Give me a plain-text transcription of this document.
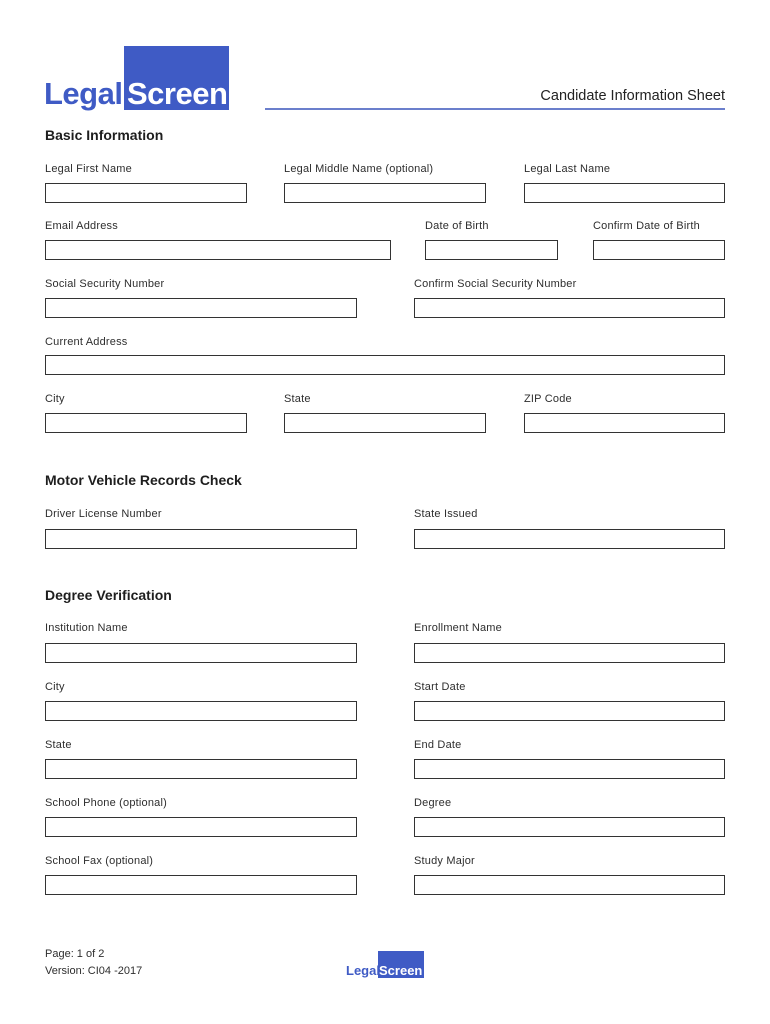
Legal Screen	Candidate Information Sheet
Basic Information
Legal First Name	Legal Middle Name (optional)	Legal Last Name
Email Address	Date of Birth	Confirm Date of Birth
Social Security Number	Confirm Social Security Number
Current Address
City	State	ZIP Code
Motor Vehicle Records Check
Driver License Number	State Issued
Degree Verification
Institution Name	Enrollment Name
City	Start Date
State	End Date
School Phone (optional)	Degree
School Fax (optional)	Study Major
Page: 1 of 2
Version: CI04 -2017	Legal Screen
